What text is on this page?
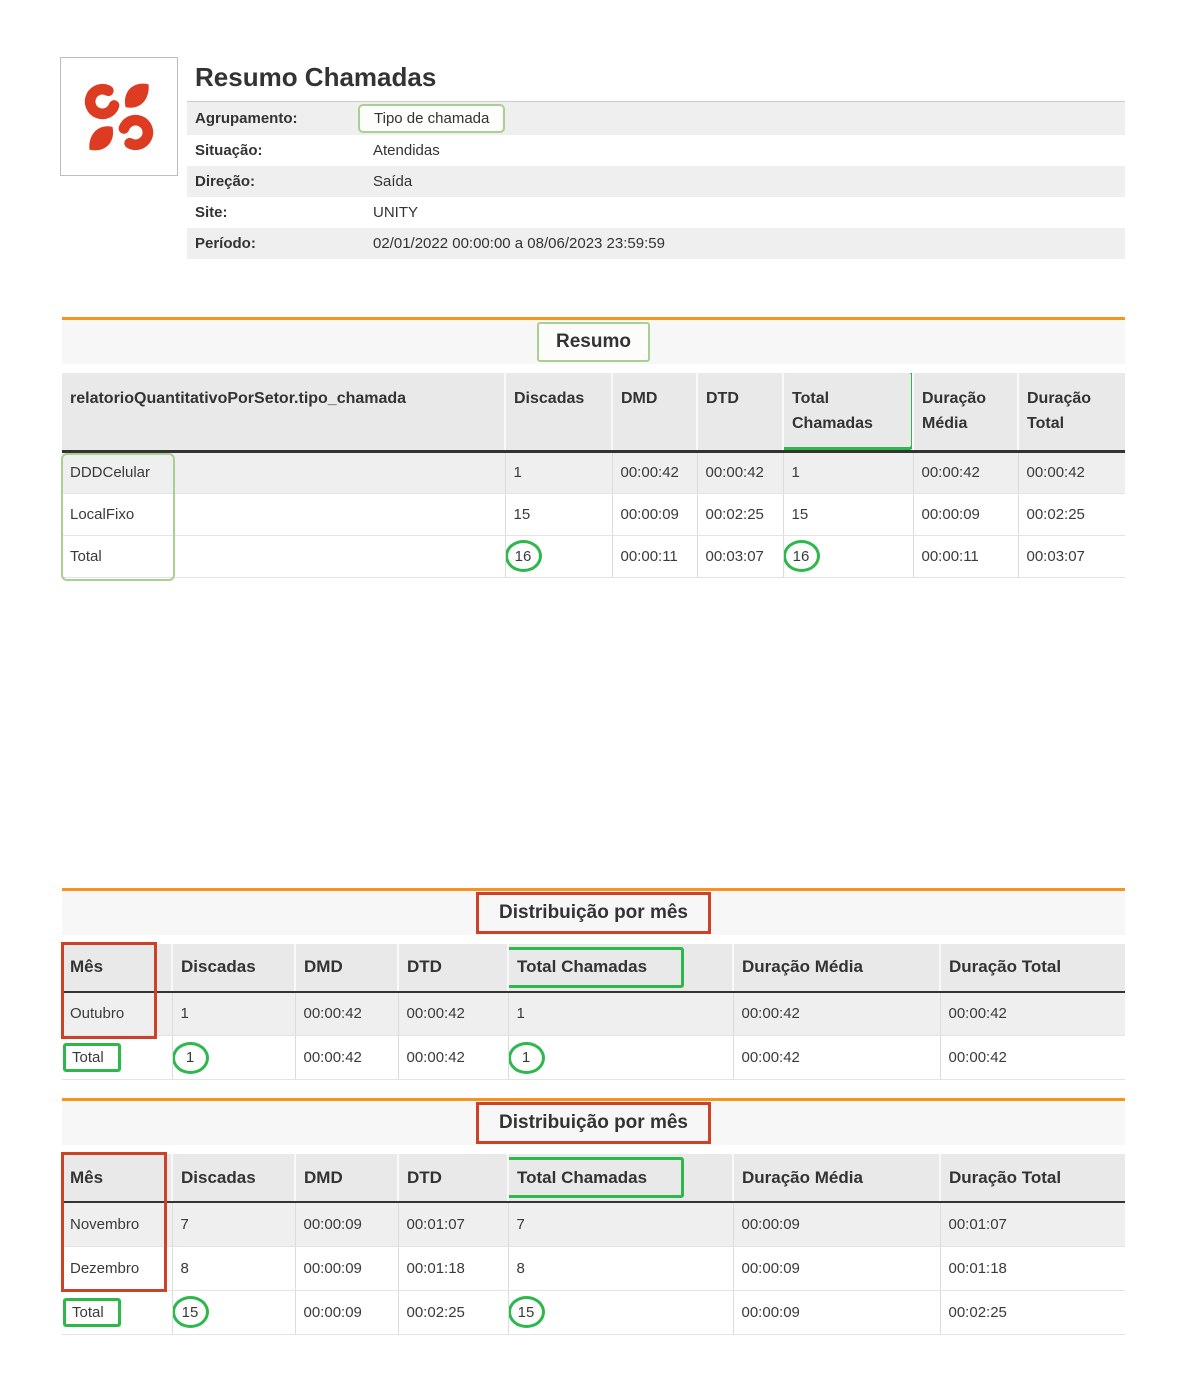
Resumo Chamadas
Agrupamento:	Tipo de chamada
Situação:	Atendidas
Direção:	Saída
Site:	UNITY
Período:	02/01/2022 00:00:00 a 08/06/2023 23:59:59
Resumo
relatorioQuantitativoPorSetor.tipo_chamada	Discadas	DMD	DTD	Total Chamadas	Duração Média	Duração Total
DDDCelular	1	00:00:42	00:00:42	1	00:00:42	00:00:42
LocalFixo	15	00:00:09	00:02:25	15	00:00:09	00:02:25
Total	16	00:00:11	00:03:07	16	00:00:11	00:03:07
Distribuição por mês
Mês	Discadas	DMD	DTD	Total Chamadas	Duração Média	Duração Total
Outubro	1	00:00:42	00:00:42	1	00:00:42	00:00:42
Total	1	00:00:42	00:00:42	1	00:00:42	00:00:42
Distribuição por mês
Mês	Discadas	DMD	DTD	Total Chamadas	Duração Média	Duração Total
Novembro	7	00:00:09	00:01:07	7	00:00:09	00:01:07
Dezembro	8	00:00:09	00:01:18	8	00:00:09	00:01:18
Total	15	00:00:09	00:02:25	15	00:00:09	00:02:25
